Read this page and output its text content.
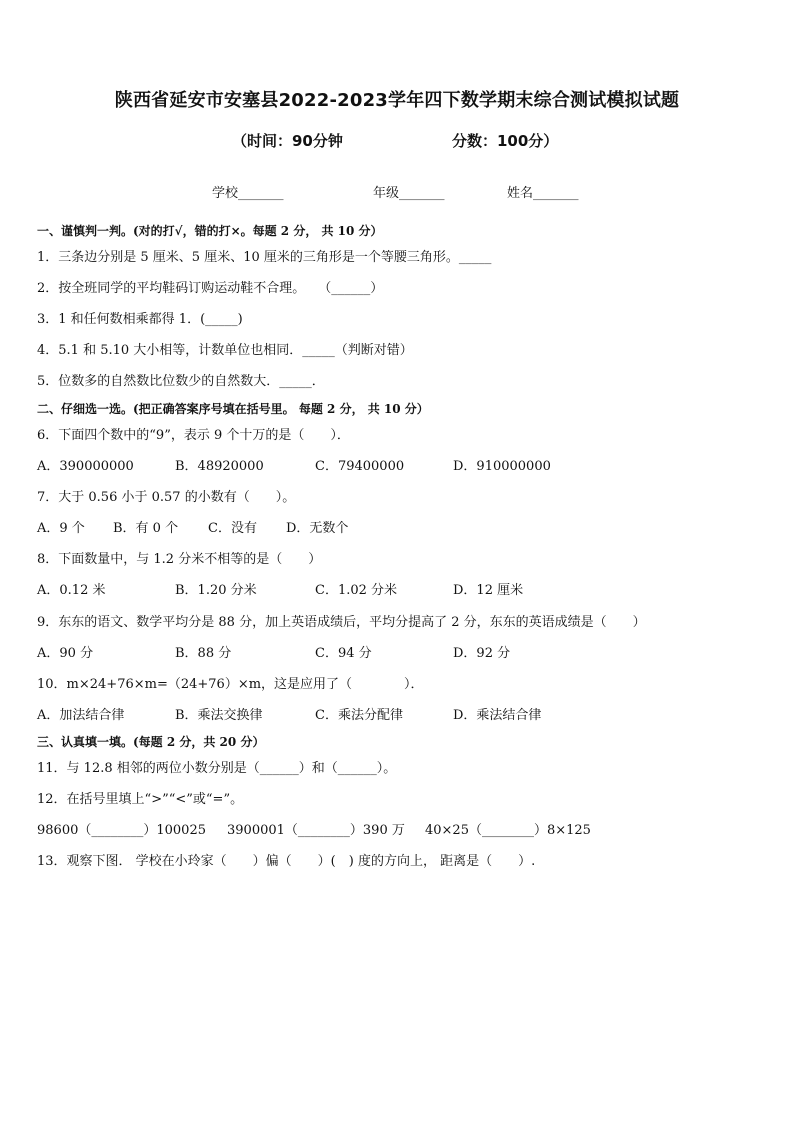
陕西省延安市安塞县2022-2023学年四下数学期末综合测试模拟试题
（时间：90分钟	分数：100分）
学校_______	年级_______	姓名_______
一、谨慎判一判。(对的打√，错的打×。每题 2 分， 共 10 分）
1．三条边分别是 5 厘米、5 厘米、10 厘米的三角形是一个等腰三角形。_____
2．按全班同学的平均鞋码订购运动鞋不合理。　　（______）
3．1 和任何数相乘都得 1．(_____)
4．5.1 和 5.10 大小相等，计数单位也相同．_____（判断对错）
5．位数多的自然数比位数少的自然数大．_____．
二、仔细选一选。(把正确答案序号填在括号里。 每题 2 分， 共 10 分）
6．下面四个数中的“9”，表示 9 个十万的是（　　）．
A．390000000	B．48920000	C．79400000	D．910000000
7．大于 0.56 小于 0.57 的小数有（　　）。
A．9 个 B．有 0 个 C．没有 D．无数个
8．下面数量中，与 1.2 分米不相等的是（　　）
A．0.12 米	B．1.20 分米	C．1.02 分米	D．12 厘米
9．东东的语文、数学平均分是 88 分，加上英语成绩后，平均分提高了 2 分，东东的英语成绩是（　　）
A．90 分	B．88 分	C．94 分	D．92 分
10．m×24+76×m=（24+76）×m，这是应用了（　　　　）．
A．加法结合律	B．乘法交换律	C．乘法分配律	D．乘法结合律
三、认真填一填。(每题 2 分，共 20 分）
11．与 12.8 相邻的两位小数分别是（______）和（______）。
12．在括号里填上“>”“<”或“=”。
98600（________）100025 3900001（________）390 万 40×25（________）8×125
13．观察下图． 学校在小玲家（　　）偏（　　）(　) 度的方向上， 距离是（　　）.
